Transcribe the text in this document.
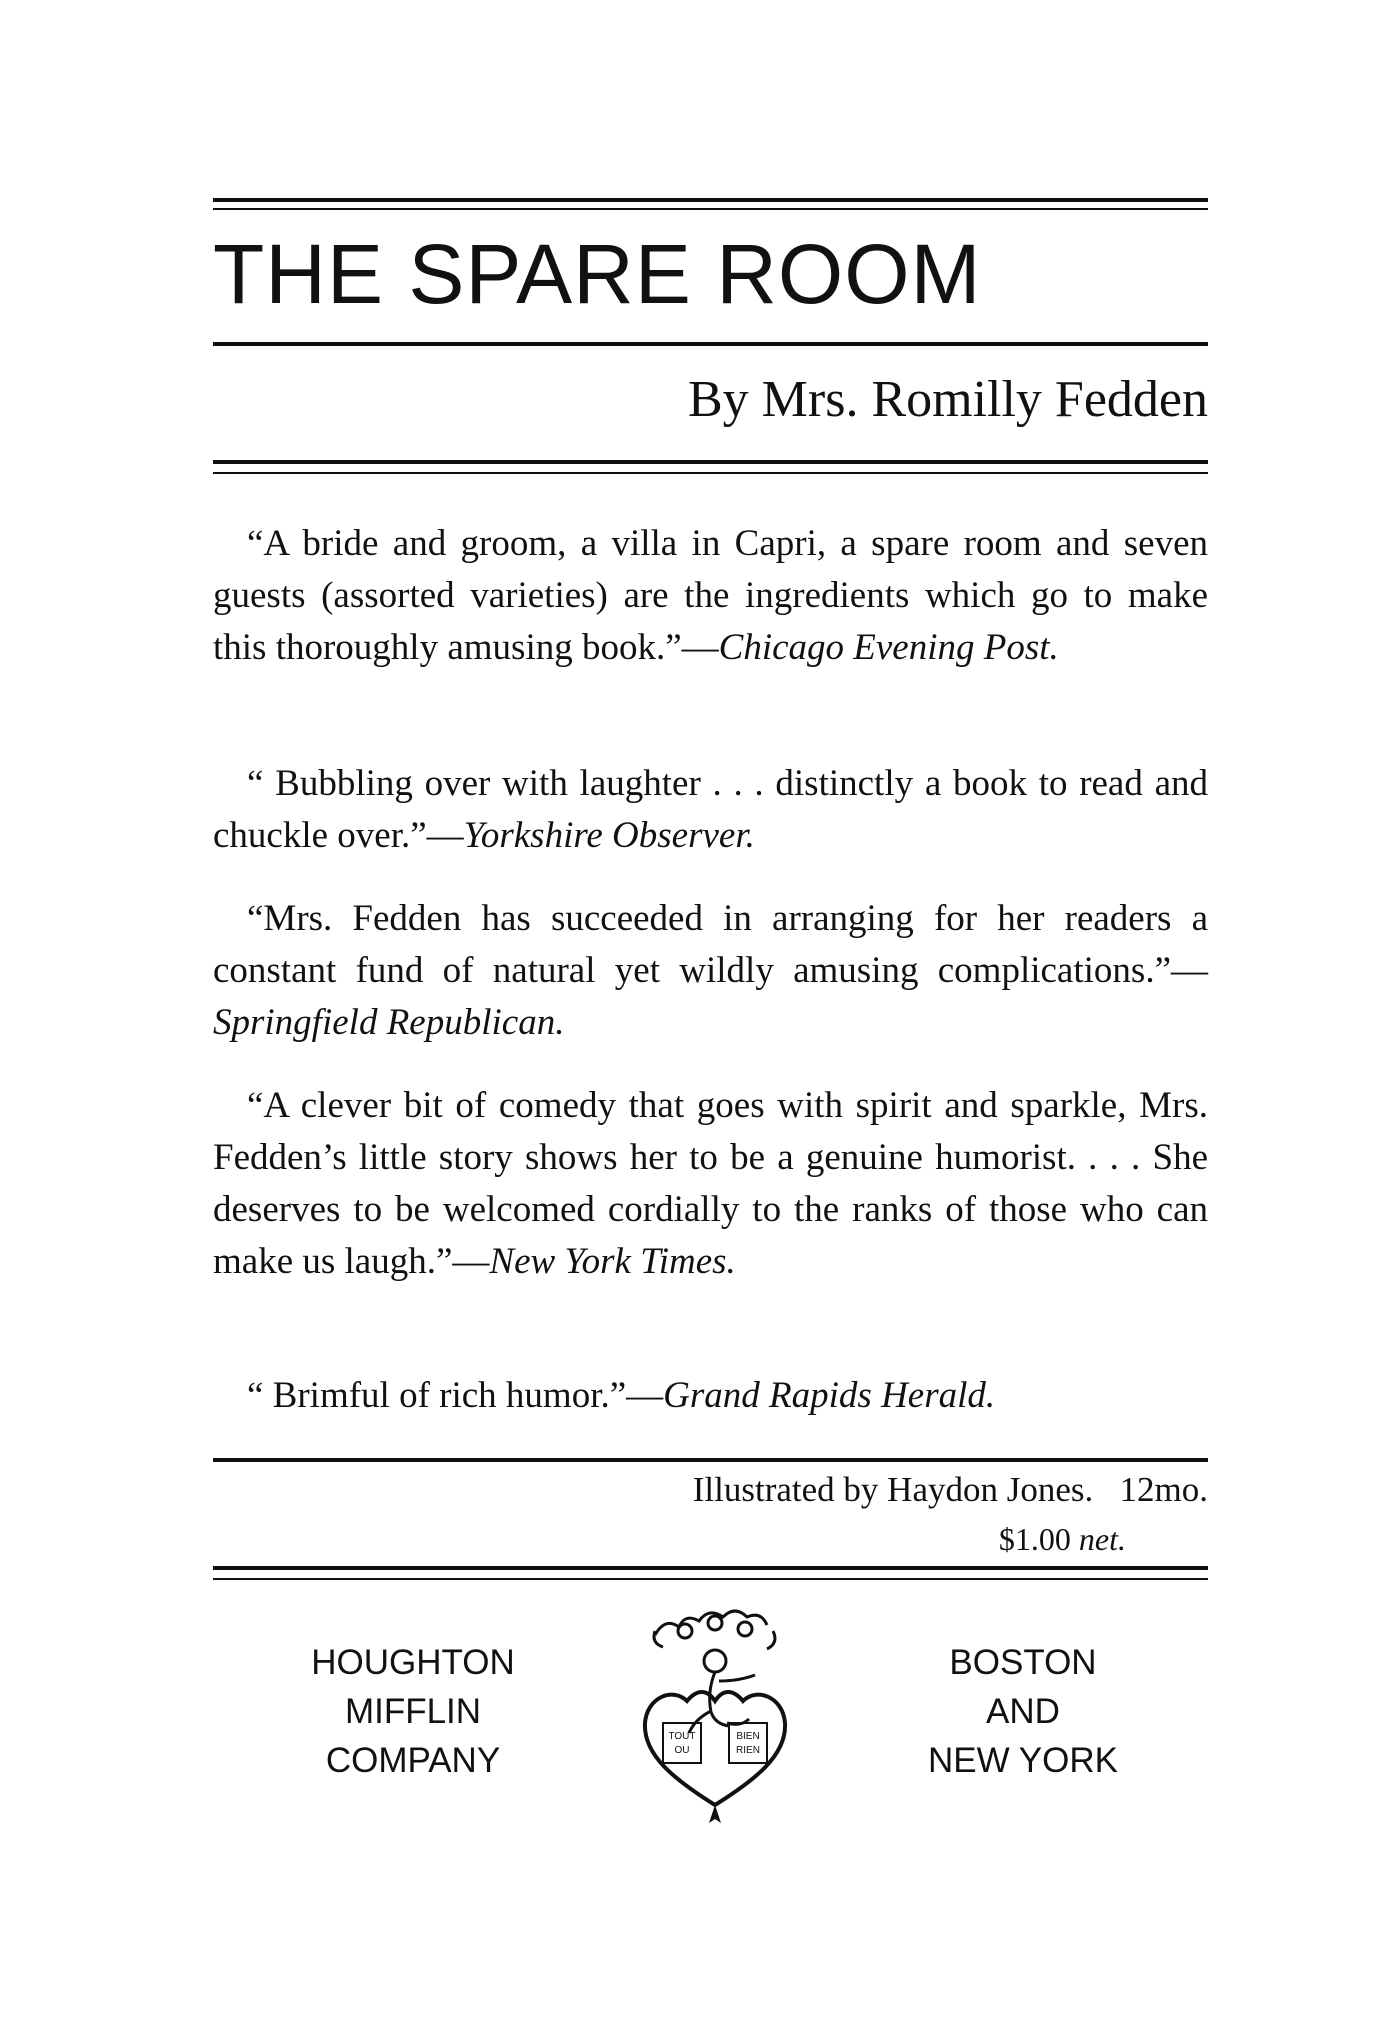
THE SPARE ROOM
By Mrs. Romilly Fedden

“A bride and groom, a villa in Capri, a spare room and seven guests (assorted varieties) are the ingredients which go to make this thoroughly amusing book.”—Chicago Evening Post.

“ Bubbling over with laughter . . . distinctly a book to read and chuckle over.”—Yorkshire Observer.

“Mrs. Fedden has succeeded in arranging for her readers a constant fund of natural yet wildly amusing complications.”—Springfield Republican.

“A clever bit of comedy that goes with spirit and sparkle, Mrs. Fedden’s little story shows her to be a genuine humorist. . . . She deserves to be welcomed cordially to the ranks of those who can make us laugh.”—New York Times.

“ Brimful of rich humor.”—Grand Rapids Herald.

Illustrated by Haydon Jones. 12mo.
$1.00 net.
HOUGHTON
MIFFLIN
COMPANY
TOUT
OU
BIEN
RIEN
BOSTON
AND
NEW YORK
